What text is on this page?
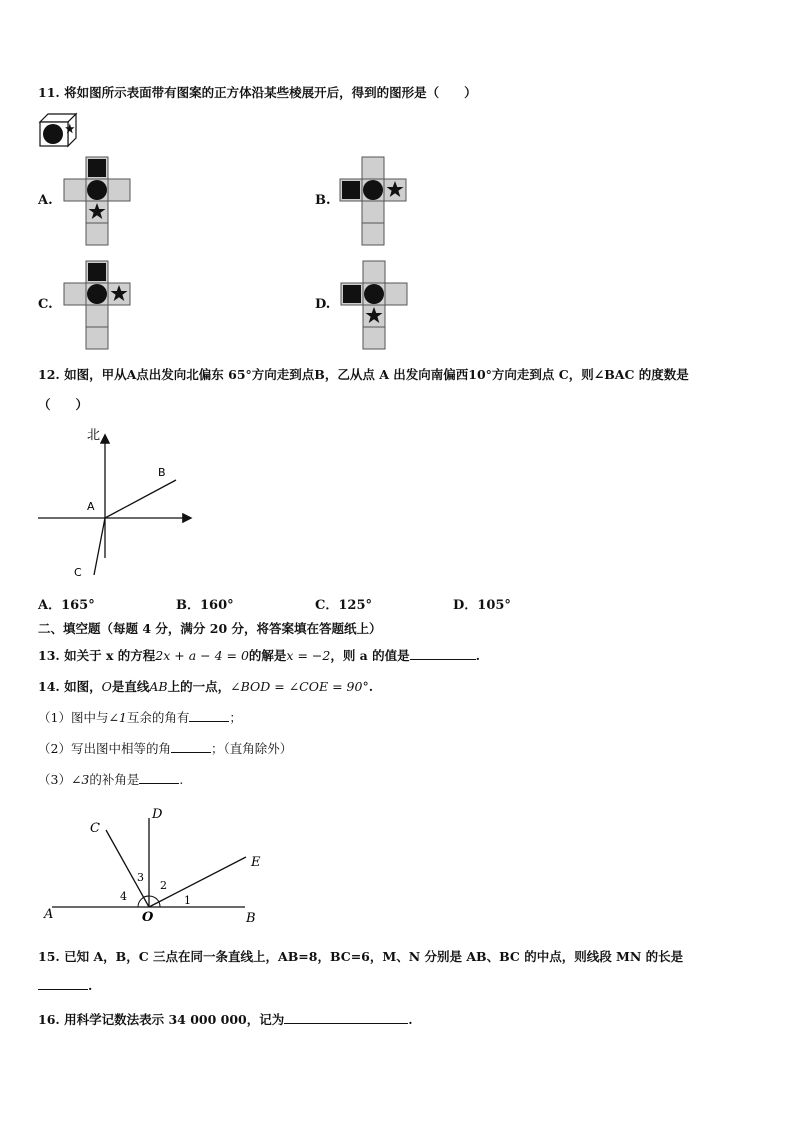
11. 将如图所示表面带有图案的正方体沿某些棱展开后，得到的图形是（　　）
A.	B.
C.	D.
12. 如图，甲从A点出发向北偏东 65°方向走到点B，乙从点 A 出发向南偏西10°方向走到点 C，则∠BAC 的度数是
（　　）
北
B
A
C
A．165°	B．160°	C．125°	D．105°
二、填空题（每题 4 分，满分 20 分，将答案填在答题纸上）
13. 如关于 x 的方程2x + a − 4 = 0的解是x = −2，则 a 的值是	.
14. 如图，O是直线AB上的一点，∠BOD = ∠COE = 90°.
（1）图中与∠1互余的角有	；
（2）写出图中相等的角	；（直角除外）
（3）∠3的补角是	.
A	B
C
D
E
O
1
2
3
4
15. 已知 A，B，C 三点在同一条直线上，AB=8，BC=6，M、N 分别是 AB、BC 的中点，则线段 MN 的长是
.
16. 用科学记数法表示 34 000 000，记为	.
